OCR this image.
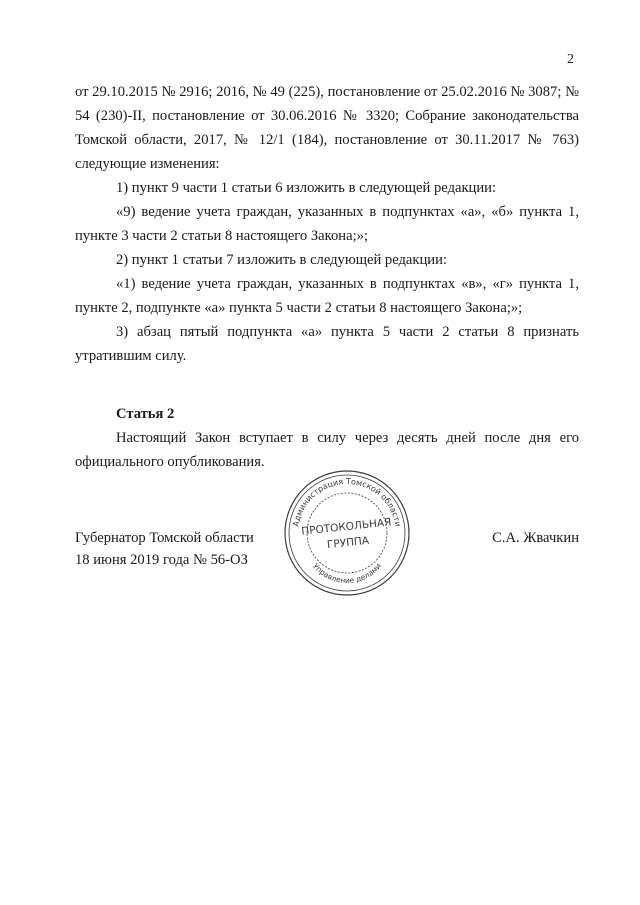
2

от 29.10.2015 № 2916; 2016, № 49 (225), постановление от 25.02.2016 № 3087; № 54 (230)-II, постановление от 30.06.2016 № 3320; Собрание законодательства Томской области, 2017, № 12/1 (184), постановление от 30.11.2017 № 763) следующие изменения:

1) пункт 9 части 1 статьи 6 изложить в следующей редакции:

«9) ведение учета граждан, указанных в подпунктах «а», «б» пункта 1, пункте 3 части 2 статьи 8 настоящего Закона;»;

2) пункт 1 статьи 7 изложить в следующей редакции:

«1) ведение учета граждан, указанных в подпунктах «в», «г» пункта 1, пункте 2, подпункте «а» пункта 5 части 2 статьи 8 настоящего Закона;»;

3) абзац пятый подпункта «а» пункта 5 части 2 статьи 8 признать утратившим силу.

Статья 2

Настоящий Закон вступает в силу через десять дней после дня его официального опубликования.

Губернатор Томской области
18 июня 2019 года № 56-ОЗ
С.А. Жвачкин
Администрация Томской области
Управление делами
ПРОТОКОЛЬНАЯ
ГРУППА
